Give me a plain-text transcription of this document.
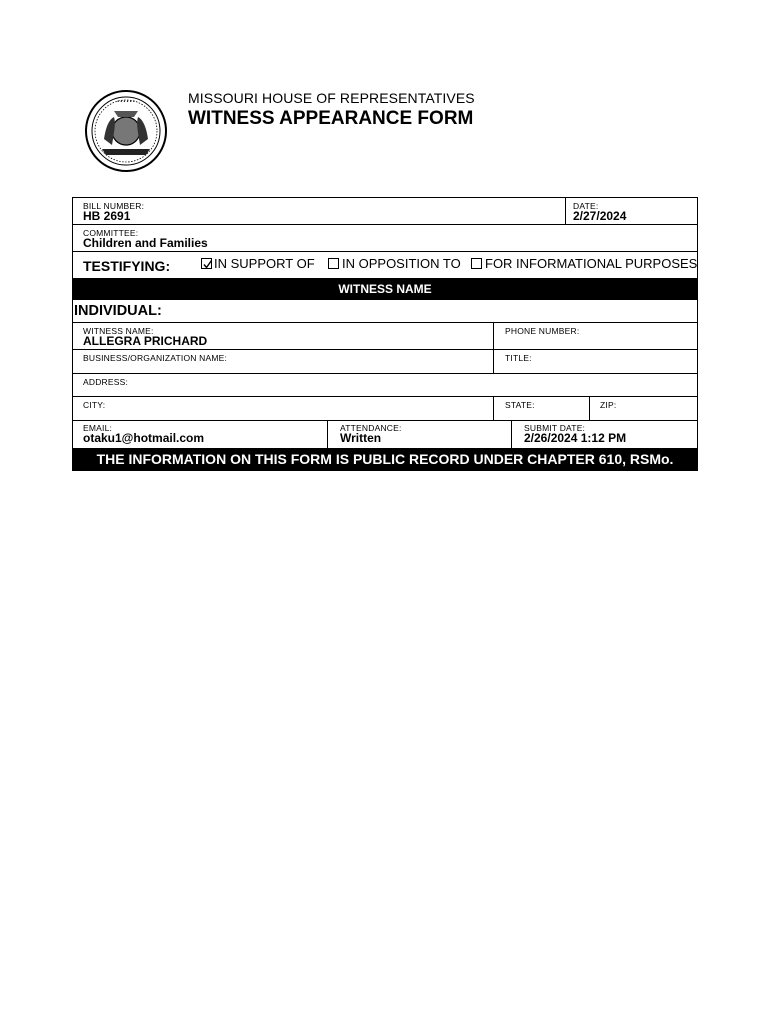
• • • • • •	MISSOURI HOUSE OF REPRESENTATIVES
WITNESS APPEARANCE FORM
BILL NUMBER:
HB 2691
DATE:
2/27/2024
COMMITTEE:
Children and Families
TESTIFYING:	IN SUPPORT OF IN OPPOSITION TO FOR INFORMATIONAL PURPOSES
WITNESS NAME
INDIVIDUAL:
WITNESS NAME:
ALLEGRA PRICHARD
PHONE NUMBER:
BUSINESS/ORGANIZATION NAME:	TITLE:
ADDRESS:
CITY:	STATE:	ZIP:
EMAIL:
otaku1@hotmail.com
ATTENDANCE:
Written
SUBMIT DATE:
2/26/2024 1:12 PM
THE INFORMATION ON THIS FORM IS PUBLIC RECORD UNDER CHAPTER 610, RSMo.
